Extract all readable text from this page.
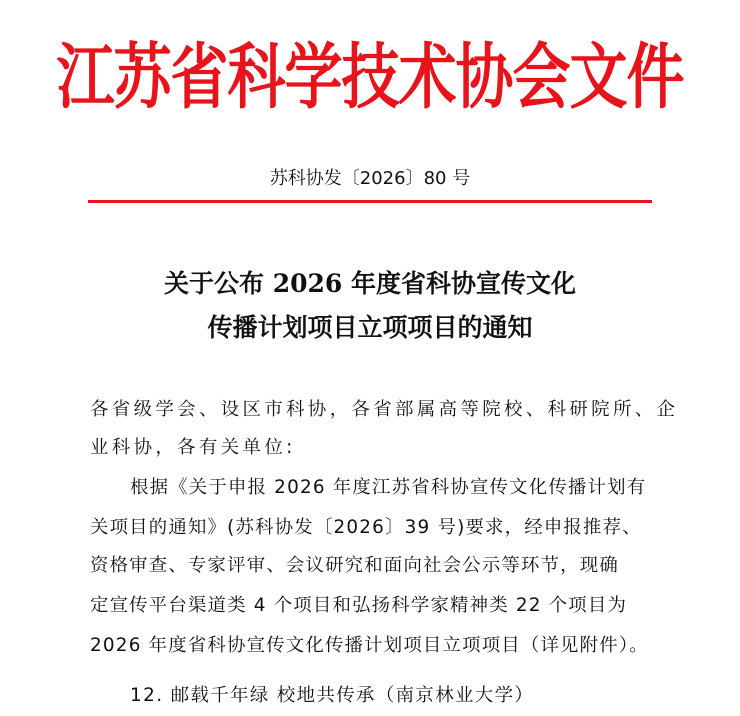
江苏省科学技术协会文件
苏科协发〔2026〕80 号
关于公布 2026 年度省科协宣传文化
传播计划项目立项项目的通知
各省级学会、设区市科协，各省部属高等院校、科研院所、企
业科协，各有关单位:
根据《关于申报 2026 年度江苏省科协宣传文化传播计划有
关项目的通知》(苏科协发〔2026〕39 号)要求，经申报推荐、
资格审查、专家评审、会议研究和面向社会公示等环节，现确
定宣传平台渠道类 4 个项目和弘扬科学家精神类 22 个项目为
2026 年度省科协宣传文化传播计划项目立项项目（详见附件）。
12. 邮载千年绿 校地共传承（南京林业大学）
